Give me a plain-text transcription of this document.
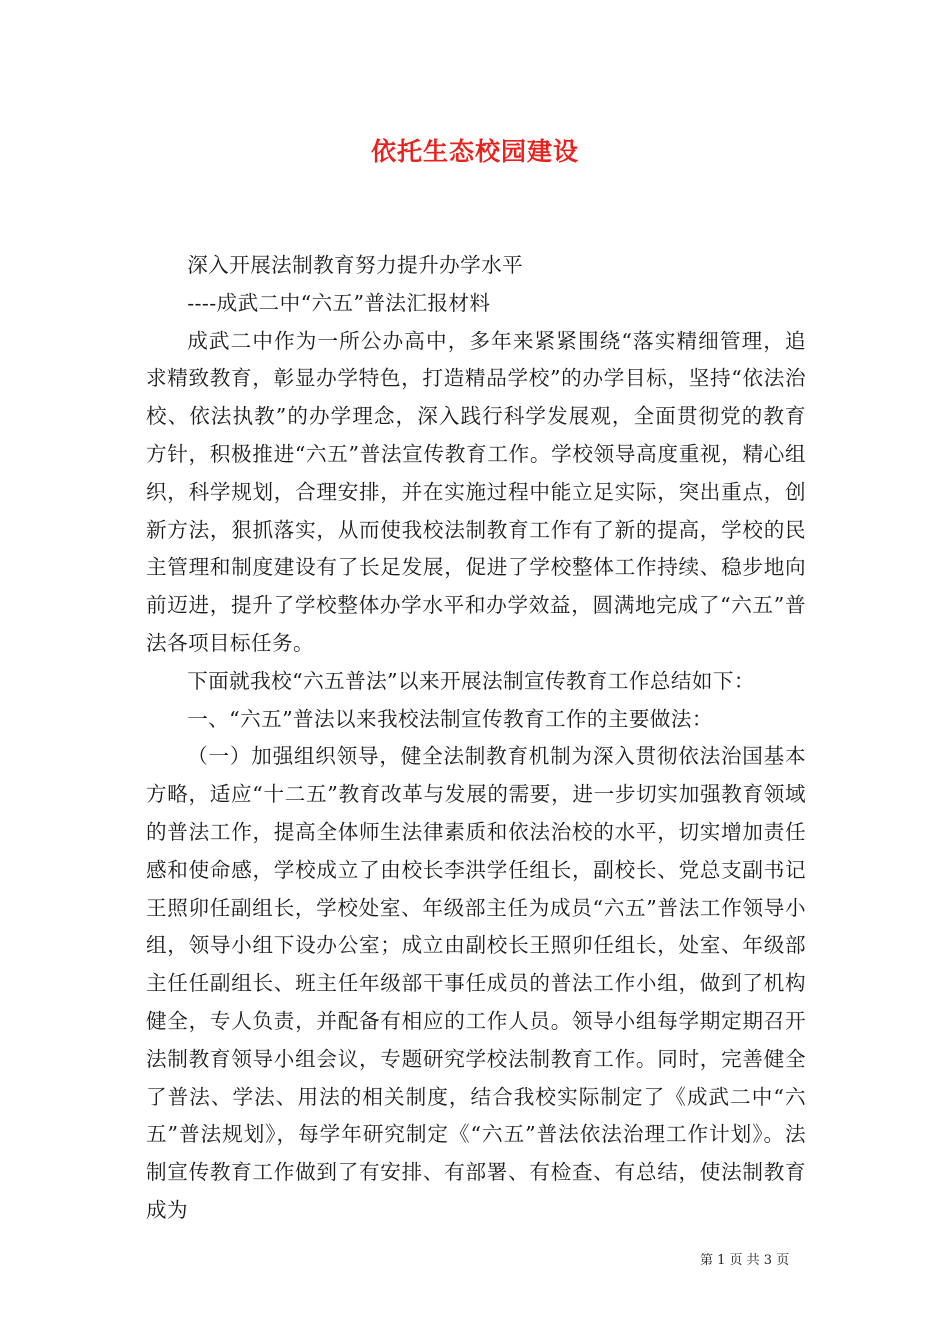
依托生态校园建设

深入开展法制教育努力提升办学水平

----成武二中“六五”普法汇报材料

成武二中作为一所公办高中，多年来紧紧围绕“落实精细管理，追求精致教育，彰显办学特色，打造精品学校”的办学目标，坚持“依法治校、依法执教”的办学理念，深入践行科学发展观，全面贯彻党的教育方针，积极推进“六五”普法宣传教育工作。学校领导高度重视，精心组织，科学规划，合理安排，并在实施过程中能立足实际，突出重点，创新方法，狠抓落实，从而使我校法制教育工作有了新的提高，学校的民主管理和制度建设有了长足发展，促进了学校整体工作持续、稳步地向前迈进，提升了学校整体办学水平和办学效益，圆满地完成了“六五”普法各项目标任务。

下面就我校“六五普法”以来开展法制宣传教育工作总结如下：

一、“六五”普法以来我校法制宣传教育工作的主要做法：

（一）加强组织领导，健全法制教育机制为深入贯彻依法治国基本方略，适应“十二五”教育改革与发展的需要，进一步切实加强教育领域的普法工作，提高全体师生法律素质和依法治校的水平，切实增加责任感和使命感，学校成立了由校长李洪学任组长，副校长、党总支副书记王照卯任副组长，学校处室、年级部主任为成员“六五”普法工作领导小组，领导小组下设办公室；成立由副校长王照卯任组长，处室、年级部主任任副组长、班主任年级部干事任成员的普法工作小组，做到了机构健全，专人负责，并配备有相应的工作人员。领导小组每学期定期召开法制教育领导小组会议，专题研究学校法制教育工作。同时，完善健全了普法、学法、用法的相关制度，结合我校实际制定了《成武二中“六五”普法规划》，每学年研究制定《“六五”普法依法治理工作计划》。法制宣传教育工作做到了有安排、有部署、有检查、有总结，使法制教育成为

第 1 页 共 3 页
